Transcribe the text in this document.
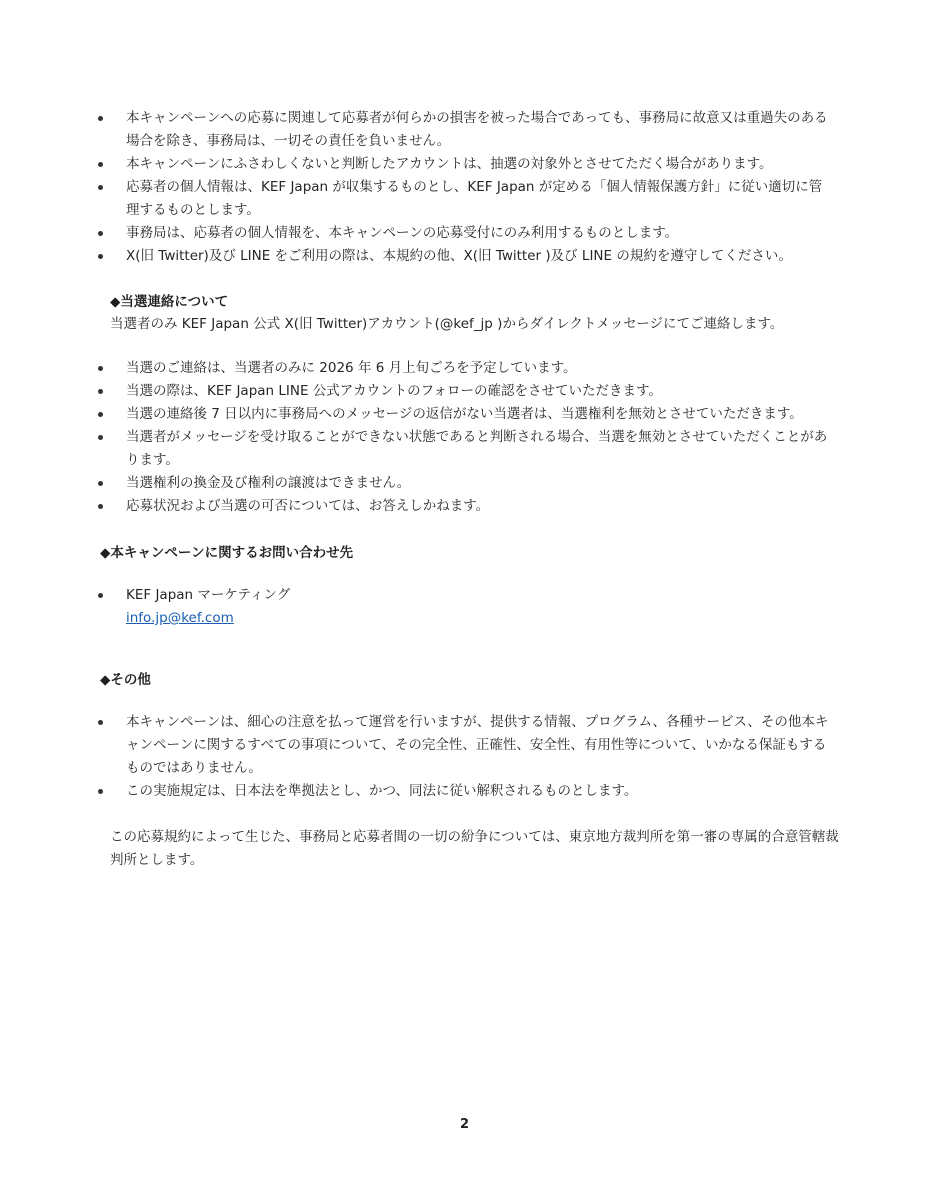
本キャンペーンへの応募に関連して応募者が何らかの損害を被った場合であっても、事務局に故意又は重過失のある場合を除き、事務局は、一切その責任を負いません。
本キャンペーンにふさわしくないと判断したアカウントは、抽選の対象外とさせてただく場合があります。
応募者の個人情報は、KEF Japan が収集するものとし、KEF Japan が定める「個人情報保護方針」に従い適切に管理するものとします。
事務局は、応募者の個人情報を、本キャンペーンの応募受付にのみ利用するものとします。
X(旧 Twitter)及び LINE をご利用の際は、本規約の他、X(旧 Twitter )及び LINE の規約を遵守してください。
◆当選連絡について
当選者のみ KEF Japan 公式 X(旧 Twitter)アカウント(@kef_jp )からダイレクトメッセージにてご連絡します。
当選のご連絡は、当選者のみに 2026 年 6 月上旬ごろを予定しています。
当選の際は、KEF Japan LINE 公式アカウントのフォローの確認をさせていただきます。
当選の連絡後 7 日以内に事務局へのメッセージの返信がない当選者は、当選権利を無効とさせていただきます。
当選者がメッセージを受け取ることができない状態であると判断される場合、当選を無効とさせていただくことがあります。
当選権利の換金及び権利の譲渡はできません。
応募状況および当選の可否については、お答えしかねます。
◆本キャンペーンに関するお問い合わせ先
KEF Japan マーケティング
info.jp@kef.com
◆その他
本キャンペーンは、細心の注意を払って運営を行いますが、提供する情報、プログラム、各種サービス、その他本キャンペーンに関するすべての事項について、その完全性、正確性、安全性、有用性等について、いかなる保証もするものではありません。
この実施規定は、日本法を準拠法とし、かつ、同法に従い解釈されるものとします。
この応募規約によって生じた、事務局と応募者間の一切の紛争については、東京地方裁判所を第一審の専属的合意管轄裁判所とします。
2
